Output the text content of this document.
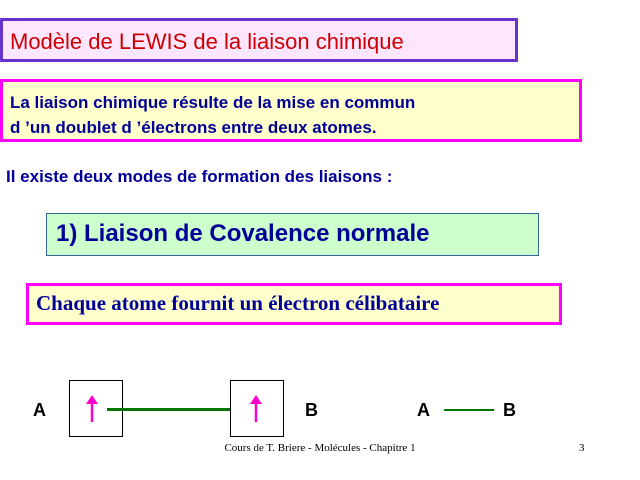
Modèle de LEWIS de la liaison chimique
La liaison chimique résulte de la mise en commun
d ’un doublet d ’électrons entre deux atomes.
Il existe deux modes de formation des liaisons :
1) Liaison de Covalence normale
Chaque atome fournit un électron célibataire
A	B	A	B
Cours de T. Briere - Molécules - Chapitre 1	3
